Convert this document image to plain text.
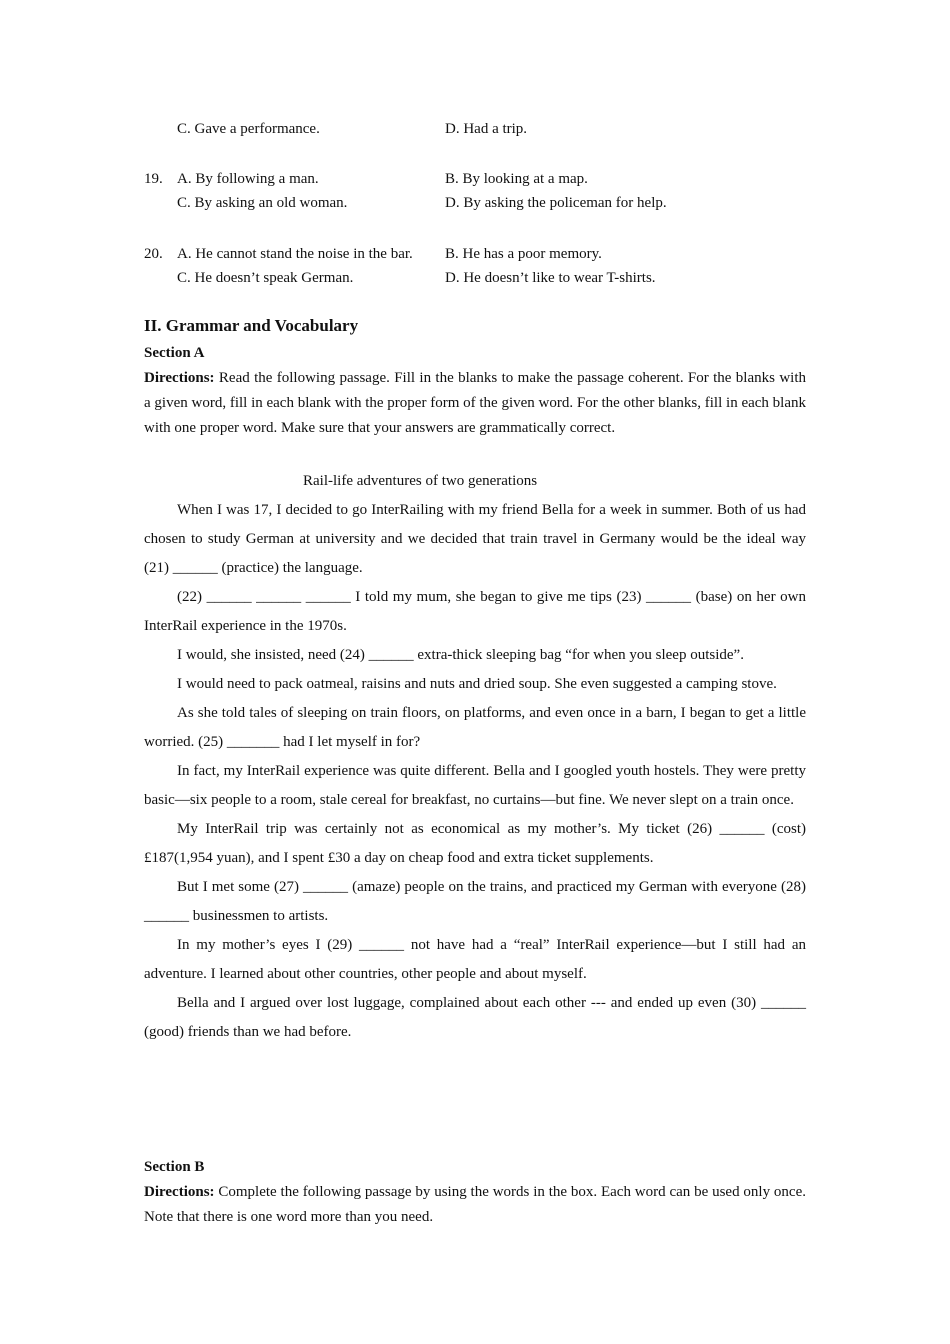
C. Gave a performance.	D. Had a trip.
19. A. By following a man.	B. By looking at a map.
C. By asking an old woman.	D. By asking the policeman for help.
20. A. He cannot stand the noise in the bar. B. He has a poor memory.
C. He doesn’t speak German.	D. He doesn’t like to wear T-shirts.
II. Grammar and Vocabulary
Section A
Directions: Read the following passage. Fill in the blanks to make the passage coherent. For the blanks with a given word, fill in each blank with the proper form of the given word. For the other blanks, fill in each blank with one proper word. Make sure that your answers are grammatically correct.
Rail-life adventures of two generations

When I was 17, I decided to go InterRailing with my friend Bella for a week in summer. Both of us had chosen to study German at university and we decided that train travel in Germany would be the ideal way (21) ______ (practice) the language.

(22) ______ ______ ______ I told my mum, she began to give me tips (23) ______ (base) on her own InterRail experience in the 1970s.

I would, she insisted, need (24) ______ extra-thick sleeping bag “for when you sleep outside”.

I would need to pack oatmeal, raisins and nuts and dried soup. She even suggested a camping stove.

As she told tales of sleeping on train floors, on platforms, and even once in a barn, I began to get a little worried. (25) _______ had I let myself in for?

In fact, my InterRail experience was quite different. Bella and I googled youth hostels. They were pretty basic—six people to a room, stale cereal for breakfast, no curtains—but fine. We never slept on a train once.

My InterRail trip was certainly not as economical as my mother’s. My ticket (26) ______ (cost) £187(1,954 yuan), and I spent £30 a day on cheap food and extra ticket supplements.

But I met some (27) ______ (amaze) people on the trains, and practiced my German with everyone (28) ______ businessmen to artists.

In my mother’s eyes I (29) ______ not have had a “real” InterRail experience—but I still had an adventure. I learned about other countries, other people and about myself.

Bella and I argued over lost luggage, complained about each other --- and ended up even (30) ______ (good) friends than we had before.

Section B
Directions: Complete the following passage by using the words in the box. Each word can be used only once. Note that there is one word more than you need.
